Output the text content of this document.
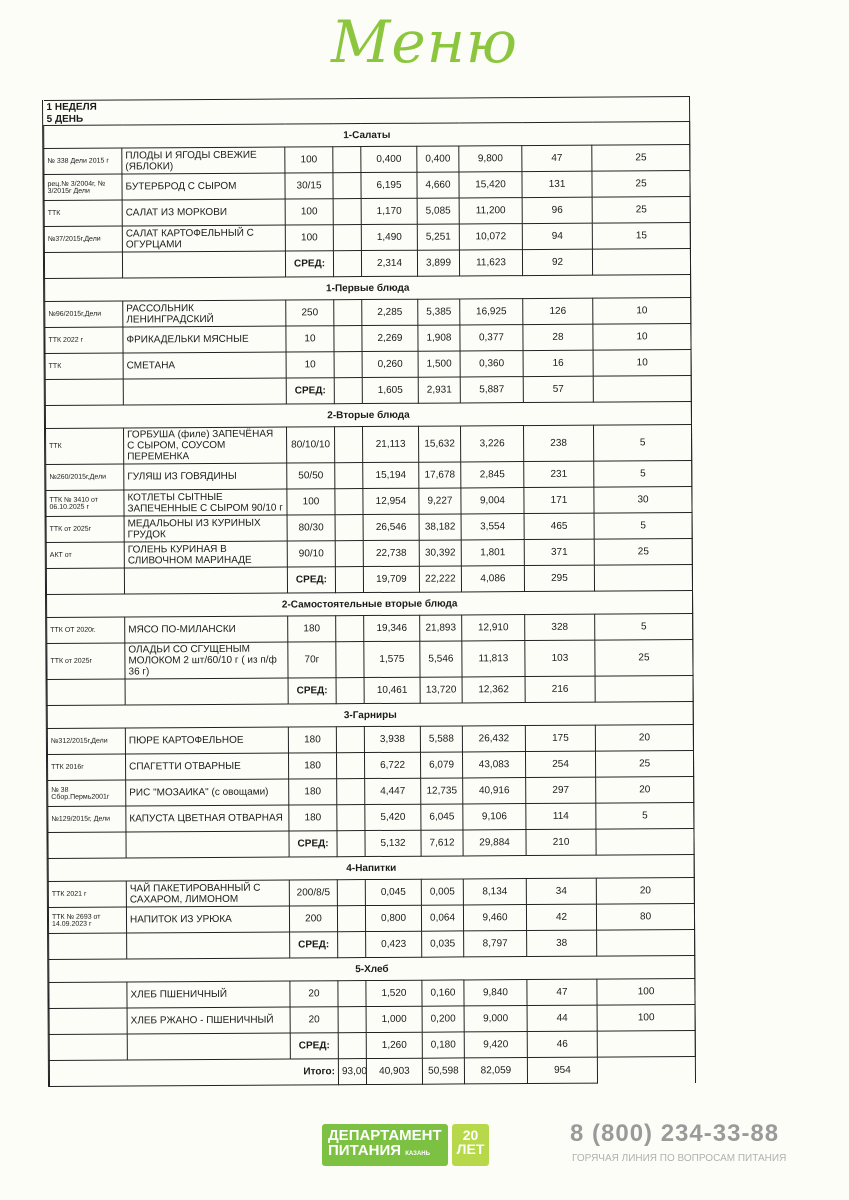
Меню
1 НЕДЕЛЯ								
5 ДЕНЬ								
1-Салаты								
№ 338 Дели 2015 г	ПЛОДЫ И ЯГОДЫ СВЕЖИЕ (ЯБЛОКИ)	100		0,400	0,400	9,800	47	25
рец.№ 3/2004г, № 3/2015г Дели	БУТЕРБРОД С СЫРОМ	30/15		6,195	4,660	15,420	131	25
ТТК	САЛАТ ИЗ МОРКОВИ	100		1,170	5,085	11,200	96	25
№37/2015г,Дели	САЛАТ КАРТОФЕЛЬНЫЙ С ОГУРЦАМИ	100		1,490	5,251	10,072	94	15
		СРЕД:		2,314	3,899	11,623	92	
1-Первые блюда								
№96/2015г,Дели	РАССОЛЬНИК ЛЕНИНГРАДСКИЙ	250		2,285	5,385	16,925	126	10
ТТК 2022 г	ФРИКАДЕЛЬКИ МЯСНЫЕ	10		2,269	1,908	0,377	28	10
ТТК	СМЕТАНА	10		0,260	1,500	0,360	16	10
		СРЕД:		1,605	2,931	5,887	57	
2-Вторые блюда								
ТТК	ГОРБУША (филе) ЗАПЕЧЁНАЯ С СЫРОМ, СОУСОМ ПЕРЕМЕНКА	80/10/10		21,113	15,632	3,226	238	5
№260/2015г,Дели	ГУЛЯШ ИЗ ГОВЯДИНЫ	50/50		15,194	17,678	2,845	231	5
ТТК № 3410 от 06.10.2025 г	КОТЛЕТЫ СЫТНЫЕ ЗАПЕЧЕННЫЕ С СЫРОМ 90/10 г	100		12,954	9,227	9,004	171	30
ТТК от 2025г	МЕДАЛЬОНЫ ИЗ КУРИНЫХ ГРУДОК	80/30		26,546	38,182	3,554	465	5
АКТ от	ГОЛЕНЬ КУРИНАЯ В СЛИВОЧНОМ МАРИНАДЕ	90/10		22,738	30,392	1,801	371	25
		СРЕД:		19,709	22,222	4,086	295	
2-Самостоятельные вторые блюда								
ТТК ОТ 2020г.	МЯСО ПО-МИЛАНСКИ	180		19,346	21,893	12,910	328	5
ТТК от 2025г	ОЛАДЬИ СО СГУЩЕНЫМ МОЛОКОМ 2 шт/60/10 г ( из п/ф 36 г)	70г		1,575	5,546	11,813	103	25
		СРЕД:		10,461	13,720	12,362	216	
3-Гарниры								
№312/2015г,Дели	ПЮРЕ КАРТОФЕЛЬНОЕ	180		3,938	5,588	26,432	175	20
ТТК 2016г	СПАГЕТТИ ОТВАРНЫЕ	180		6,722	6,079	43,083	254	25
№ 38 Сбор.Пермь2001г	РИС "МОЗАИКА" (с овощами)	180		4,447	12,735	40,916	297	20
№129/2015г, Дели	КАПУСТА ЦВЕТНАЯ ОТВАРНАЯ	180		5,420	6,045	9,106	114	5
		СРЕД:		5,132	7,612	29,884	210	
4-Напитки								
ТТК 2021 г	ЧАЙ ПАКЕТИРОВАННЫЙ С САХАРОМ, ЛИМОНОМ	200/8/5		0,045	0,005	8,134	34	20
ТТК № 2693 от 14.09.2023 г	НАПИТОК ИЗ УРЮКА	200		0,800	0,064	9,460	42	80
		СРЕД:		0,423	0,035	8,797	38	
5-Хлеб								
	ХЛЕБ ПШЕНИЧНЫЙ	20		1,520	0,160	9,840	47	100
	ХЛЕБ РЖАНО - ПШЕНИЧНЫЙ	20		1,000	0,200	9,000	44	100
		СРЕД:		1,260	0,180	9,420	46	
Итого:			93,00	40,903	50,598	82,059	954	
ДЕПАРТАМЕНТ
ПИТАНИЯ КАЗАНЬ
20
ЛЕТ
8 (800) 234-33-88
ГОРЯЧАЯ ЛИНИЯ ПО ВОПРОСАМ ПИТАНИЯ
